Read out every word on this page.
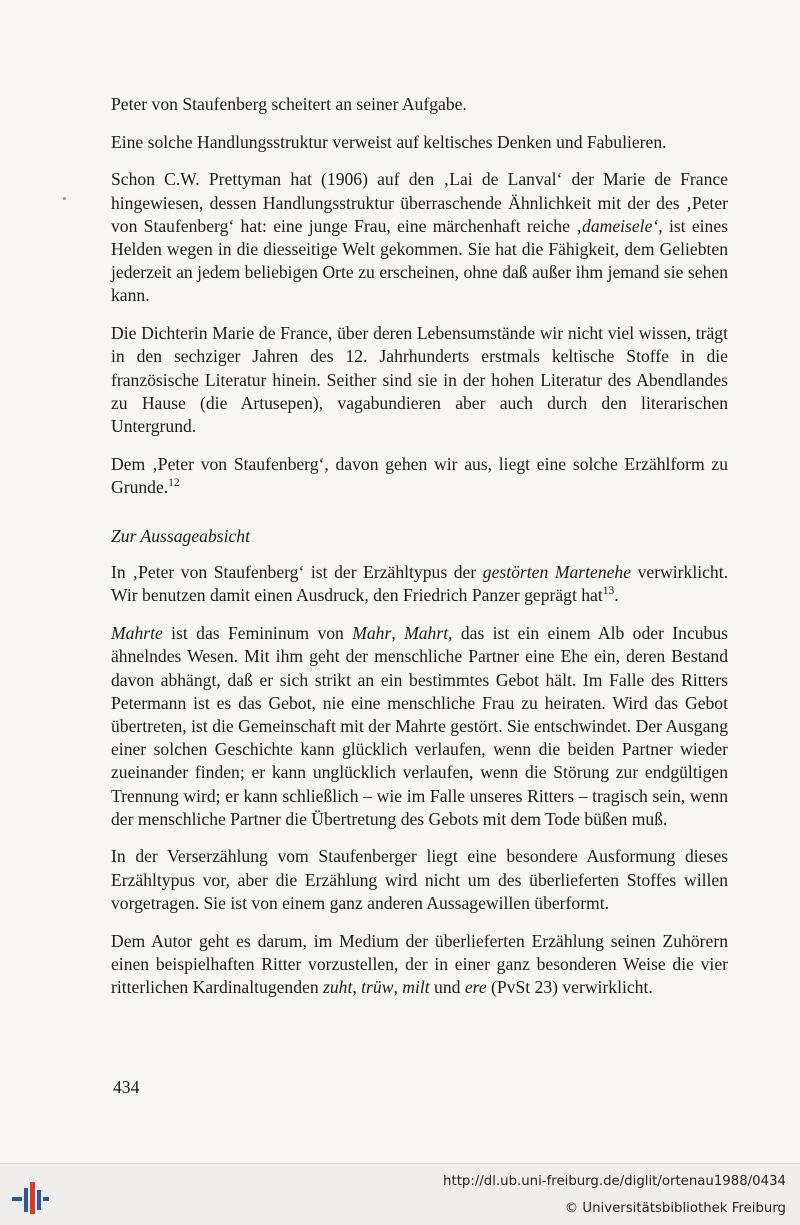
Peter von Staufenberg scheitert an seiner Aufgabe.

Eine solche Handlungsstruktur verweist auf keltisches Denken und Fabulieren.

Schon C.W. Prettyman hat (1906) auf den ‚Lai de Lanval‘ der Marie de France hingewiesen, dessen Handlungsstruktur überraschende Ähnlichkeit mit der des ‚Peter von Staufenberg‘ hat: eine junge Frau, eine märchenhaft reiche ‚dameisele‘, ist eines Helden wegen in die diesseitige Welt gekommen. Sie hat die Fähigkeit, dem Geliebten jederzeit an jedem beliebigen Orte zu erscheinen, ohne daß außer ihm jemand sie sehen kann.

Die Dichterin Marie de France, über deren Lebensumstände wir nicht viel wissen, trägt in den sechziger Jahren des 12. Jahrhunderts erstmals keltische Stoffe in die französische Literatur hinein. Seither sind sie in der hohen Literatur des Abendlandes zu Hause (die Artusepen), vagabundieren aber auch durch den literarischen Untergrund.

Dem ‚Peter von Staufenberg‘, davon gehen wir aus, liegt eine solche Erzählform zu Grunde.$^{12}$

Zur Aussageabsicht

In ‚Peter von Staufenberg‘ ist der Erzähltypus der gestörten Martenehe verwirklicht. Wir benutzen damit einen Ausdruck, den Friedrich Panzer geprägt hat$^{13}$.

Mahrte ist das Femininum von Mahr, Mahrt, das ist ein einem Alb oder Incubus ähnelndes Wesen. Mit ihm geht der menschliche Partner eine Ehe ein, deren Bestand davon abhängt, daß er sich strikt an ein bestimmtes Gebot hält. Im Falle des Ritters Petermann ist es das Gebot, nie eine menschliche Frau zu heiraten. Wird das Gebot übertreten, ist die Gemeinschaft mit der Mahrte gestört. Sie entschwindet. Der Ausgang einer solchen Geschichte kann glücklich verlaufen, wenn die beiden Partner wieder zueinander finden; er kann unglücklich verlaufen, wenn die Störung zur endgültigen Trennung wird; er kann schließlich – wie im Falle unseres Ritters – tragisch sein, wenn der menschliche Partner die Übertretung des Gebots mit dem Tode büßen muß.

In der Verserzählung vom Staufenberger liegt eine besondere Ausformung dieses Erzähltypus vor, aber die Erzählung wird nicht um des überlieferten Stoffes willen vorgetragen. Sie ist von einem ganz anderen Aussagewillen überformt.

Dem Autor geht es darum, im Medium der überlieferten Erzählung seinen Zuhörern einen beispielhaften Ritter vorzustellen, der in einer ganz besonderen Weise die vier ritterlichen Kardinaltugenden zuht, trüw, milt und ere (PvSt 23) verwirklicht.

434
http://dl.ub.uni-freiburg.de/diglit/ortenau1988/0434
© Universitätsbibliothek Freiburg
